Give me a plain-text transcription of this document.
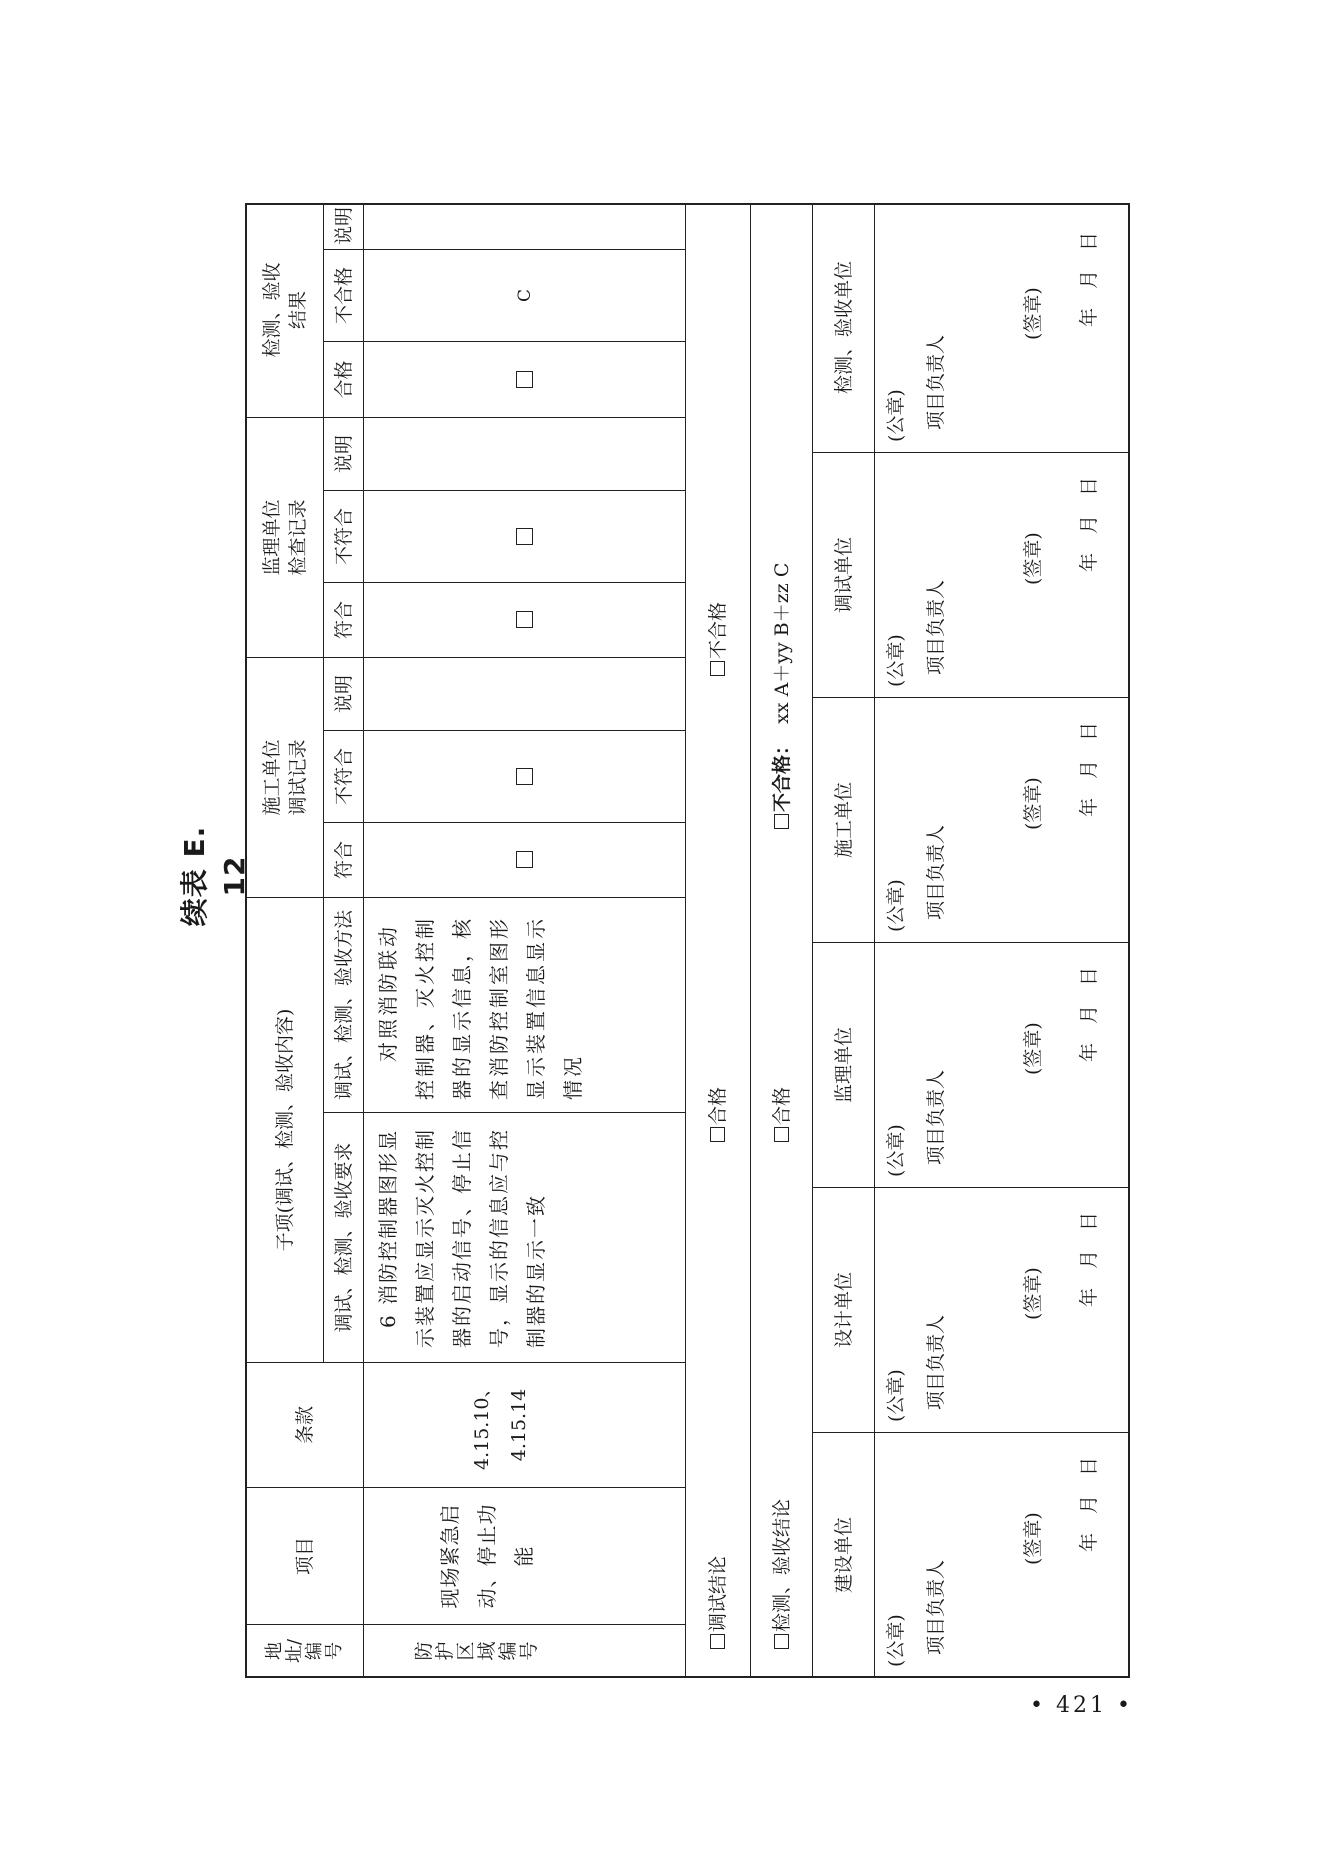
续表 E. 12
地址/编号
项目
条款
子项(调试、检测、验收内容)
施工单位 调试记录
监理单位 检查记录
检测、验收 结果
调试、检测、验收要求
调试、检测、验收方法
符合
不符合
说明
符合
不符合
说明
合格
不合格
说明
防护区域编号
现场紧急启动、停止功能
4.15.10、4.15.14
6 消防控制器图形显示装置应显示灭火控制器的启动信号、停止信号，显示的信息应与控制器的显示一致
对照消防联动控制器、灭火控制器的显示信息，核查消防控制室图形显示装置信息显示情况
C
调试结论
合格
不合格
检测、验收结论
合格
不合格：  xx A＋yy B＋zz C
建设单位
设计单位
监理单位
施工单位
调试单位
检测、验收单位
(公章) 项目负责人
(签章) 年　月　日
(公章) 项目负责人
(签章) 年　月　日
(公章) 项目负责人
(签章) 年　月　日
(公章) 项目负责人
(签章) 年　月　日
(公章) 项目负责人
(签章) 年　月　日
(公章) 项目负责人
(签章) 年　月　日
• 421 •
